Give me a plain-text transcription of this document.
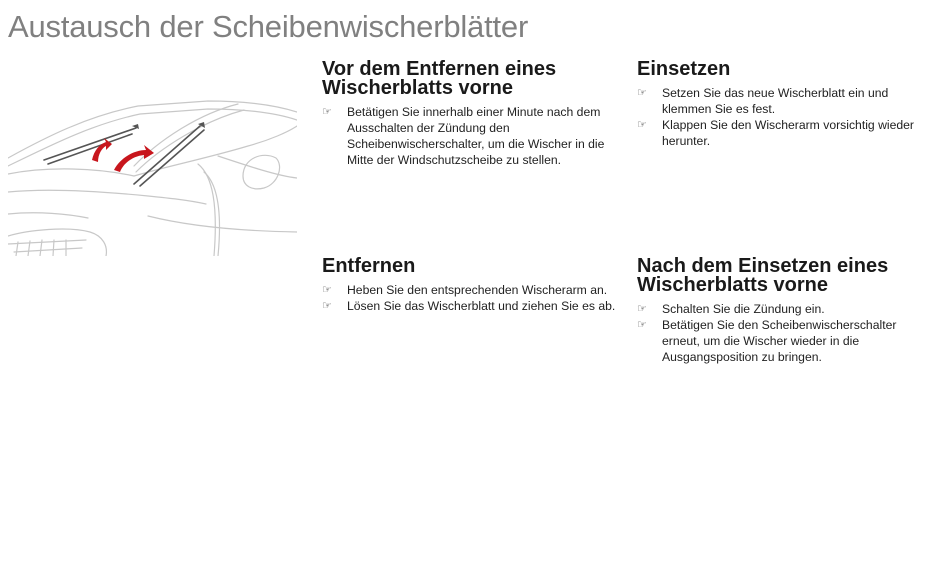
Austausch der Scheibenwischerblätter
Vor dem Entfernen eines Wischerblatts vorne
☞ Betätigen Sie innerhalb einer Minute nach dem Ausschalten der Zündung den Scheibenwischerschalter, um die Wischer in die Mitte der Windschutzscheibe zu stellen.
Einsetzen
☞ Setzen Sie das neue Wischerblatt ein und klemmen Sie es fest.
☞ Klappen Sie den Wischerarm vorsichtig wieder herunter.
Entfernen
☞ Heben Sie den entsprechenden Wischerarm an.
☞ Lösen Sie das Wischerblatt und ziehen Sie es ab.
Nach dem Einsetzen eines Wischerblatts vorne
☞ Schalten Sie die Zündung ein.
☞ Betätigen Sie den Scheibenwischerschalter erneut, um die Wischer wieder in die Ausgangsposition zu bringen.
